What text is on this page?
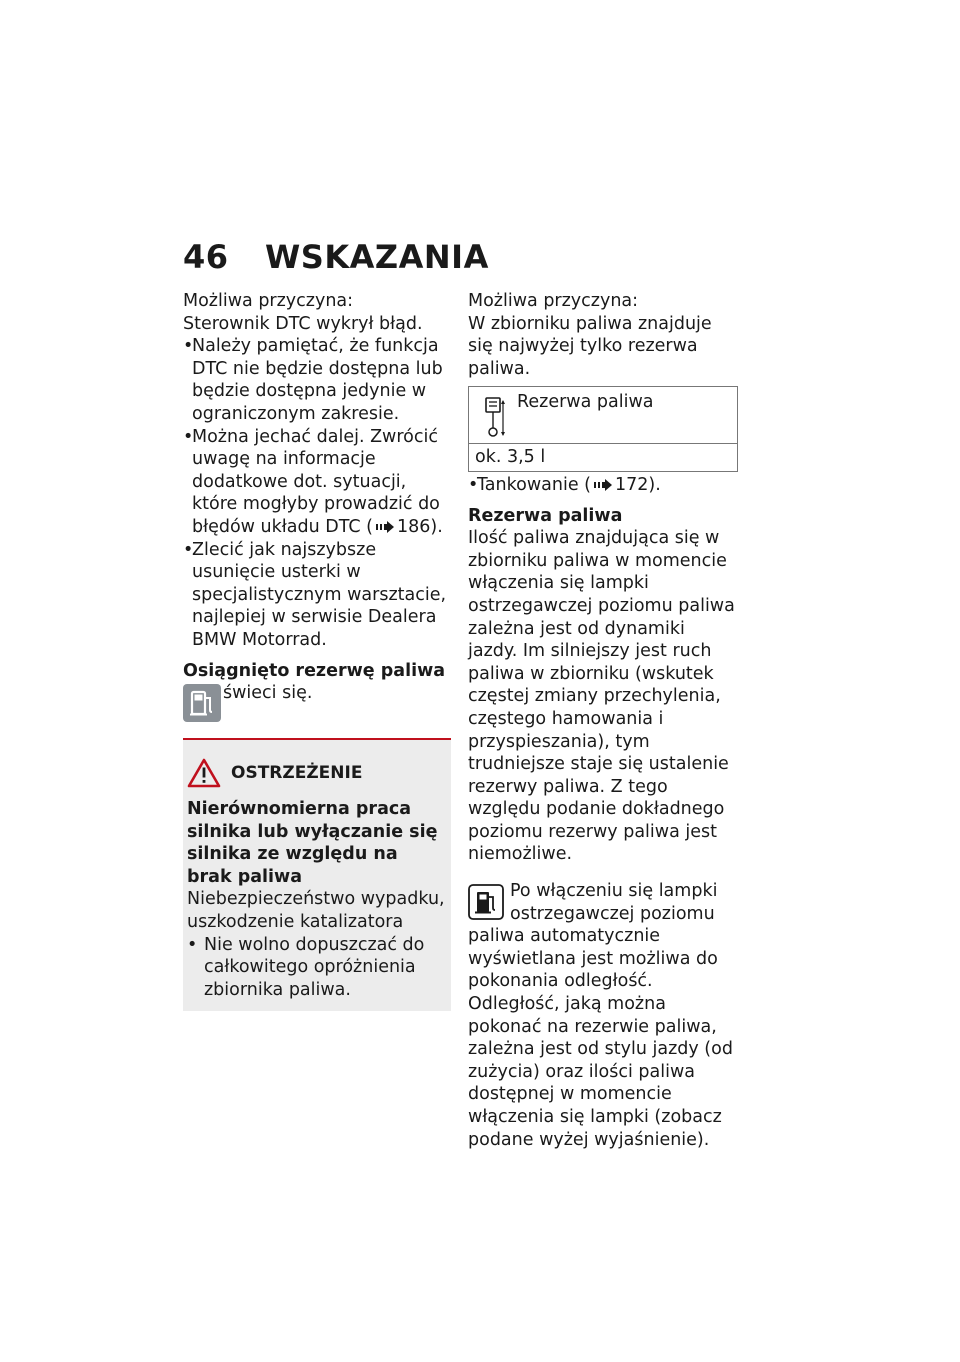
46 WSKAZANIA

Możliwa przyczyna:

Sterownik DTC wykrył błąd.

• Należy pamiętać, że funkcja DTC nie będzie dostępna lub będzie dostępna jedynie w ograniczonym zakresie.
• Można jechać dalej. Zwrócić uwagę na informacje dodatkowe dot. sytuacji, które mogłyby prowadzić do błędów układu DTC ( 186).
• Zlecić jak najszybsze usunięcie usterki w specjalistycznym warsztacie, najlepiej w serwisie Dealera BMW Motorrad.

Osiągnięto rezerwę paliwa

świeci się.

OSTRZEŻENIE

Nierównomierna praca silnika lub wyłączanie się silnika ze względu na brak paliwa

Niebezpieczeństwo wypadku, uszkodzenie katalizatora

• Nie wolno dopuszczać do całkowitego opróżnienia zbiornika paliwa.

Możliwa przyczyna:

W zbiorniku paliwa znajduje się najwyżej tylko rezerwa paliwa.

Rezerwa paliwa

ok. 3,5 l
• Tankowanie ( 172).

Rezerwa paliwa

Ilość paliwa znajdująca się w zbiorniku paliwa w momencie włączenia się lampki ostrzegawczej poziomu paliwa zależna jest od dynamiki jazdy. Im silniejszy jest ruch paliwa w zbiorniku (wskutek częstej zmiany przechylenia, częstego hamowania i przyspieszania), tym trudniejsze staje się ustalenie rezerwy paliwa. Z tego względu podanie dokładnego poziomu rezerwy paliwa jest niemożliwe.

Po włączeniu się lampki ostrzegawczej poziomu paliwa automatycznie wyświetlana jest możliwa do pokonania odległość.

Odległość, jaką można pokonać na rezerwie paliwa, zależna jest od stylu jazdy (od zużycia) oraz ilości paliwa dostępnej w momencie włączenia się lampki (zobacz podane wyżej wyjaśnienie).
